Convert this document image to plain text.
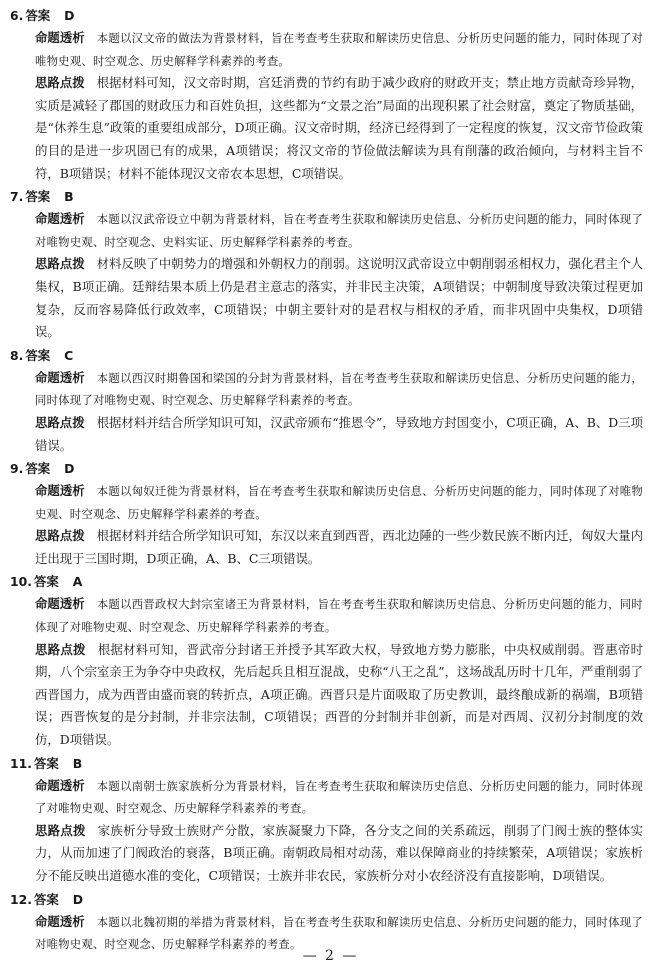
6. 答案 D
命题透析 本题以汉文帝的做法为背景材料，旨在考查考生获取和解读历史信息、分析历史问题的能力，同时体现了对唯物史观、时空观念、历史解释学科素养的考查。
思路点拨 根据材料可知，汉文帝时期，宫廷消费的节约有助于减少政府的财政开支；禁止地方贡献奇珍异物，实质是减轻了郡国的财政压力和百姓负担，这些都为“文景之治”局面的出现积累了社会财富，奠定了物质基础，是“休养生息”政策的重要组成部分，D项正确。汉文帝时期，经济已经得到了一定程度的恢复，汉文帝节俭政策的目的是进一步巩固已有的成果，A项错误；将汉文帝的节俭做法解读为具有削藩的政治倾向，与材料主旨不符，B项错误；材料不能体现汉文帝农本思想，C项错误。
7. 答案 B
命题透析 本题以汉武帝设立中朝为背景材料，旨在考查考生获取和解读历史信息、分析历史问题的能力，同时体现了对唯物史观、时空观念、史料实证、历史解释学科素养的考查。
思路点拨 材料反映了中朝势力的增强和外朝权力的削弱。这说明汉武帝设立中朝削弱丞相权力，强化君主个人集权，B项正确。廷辩结果本质上仍是君主意志的落实，并非民主决策，A项错误；中朝制度导致决策过程更加复杂，反而容易降低行政效率，C项错误；中朝主要针对的是君权与相权的矛盾，而非巩固中央集权，D项错误。
8. 答案 C
命题透析 本题以西汉时期鲁国和梁国的分封为背景材料，旨在考查考生获取和解读历史信息、分析历史问题的能力，同时体现了对唯物史观、时空观念、历史解释学科素养的考查。
思路点拨 根据材料并结合所学知识可知，汉武帝颁布“推恩令”，导致地方封国变小，C项正确，A、B、D三项错误。
9. 答案 D
命题透析 本题以匈奴迁徙为背景材料，旨在考查考生获取和解读历史信息、分析历史问题的能力，同时体现了对唯物史观、时空观念、历史解释学科素养的考查。
思路点拨 根据材料并结合所学知识可知，东汉以来直到西晋，西北边陲的一些少数民族不断内迁，匈奴大量内迁出现于三国时期，D项正确，A、B、C三项错误。
10. 答案 A
命题透析 本题以西晋政权大封宗室诸王为背景材料，旨在考查考生获取和解读历史信息、分析历史问题的能力，同时体现了对唯物史观、时空观念、历史解释学科素养的考查。
思路点拨 根据材料可知，晋武帝分封诸王并授予其军政大权，导致地方势力膨胀，中央权威削弱。晋惠帝时期，八个宗室亲王为争夺中央政权，先后起兵且相互混战，史称“八王之乱”，这场战乱历时十几年，严重削弱了西晋国力，成为西晋由盛而衰的转折点，A项正确。西晋只是片面吸取了历史教训，最终酿成新的祸端，B项错误；西晋恢复的是分封制，并非宗法制，C项错误；西晋的分封制并非创新，而是对西周、汉初分封制度的效仿，D项错误。
11. 答案 B
命题透析 本题以南朝士族家族析分为背景材料，旨在考查考生获取和解读历史信息、分析历史问题的能力，同时体现了对唯物史观、时空观念、历史解释学科素养的考查。
思路点拨 家族析分导致士族财产分散，家族凝聚力下降，各分支之间的关系疏远，削弱了门阀士族的整体实力，从而加速了门阀政治的衰落，B项正确。南朝政局相对动荡，难以保障商业的持续繁荣，A项错误；家族析分不能反映出道德水准的变化，C项错误；士族并非农民，家族析分对小农经济没有直接影响，D项错误。
12. 答案 D
命题透析 本题以北魏初期的举措为背景材料，旨在考查考生获取和解读历史信息、分析历史问题的能力，同时体现了对唯物史观、时空观念、历史解释学科素养的考查。
— 2 —
